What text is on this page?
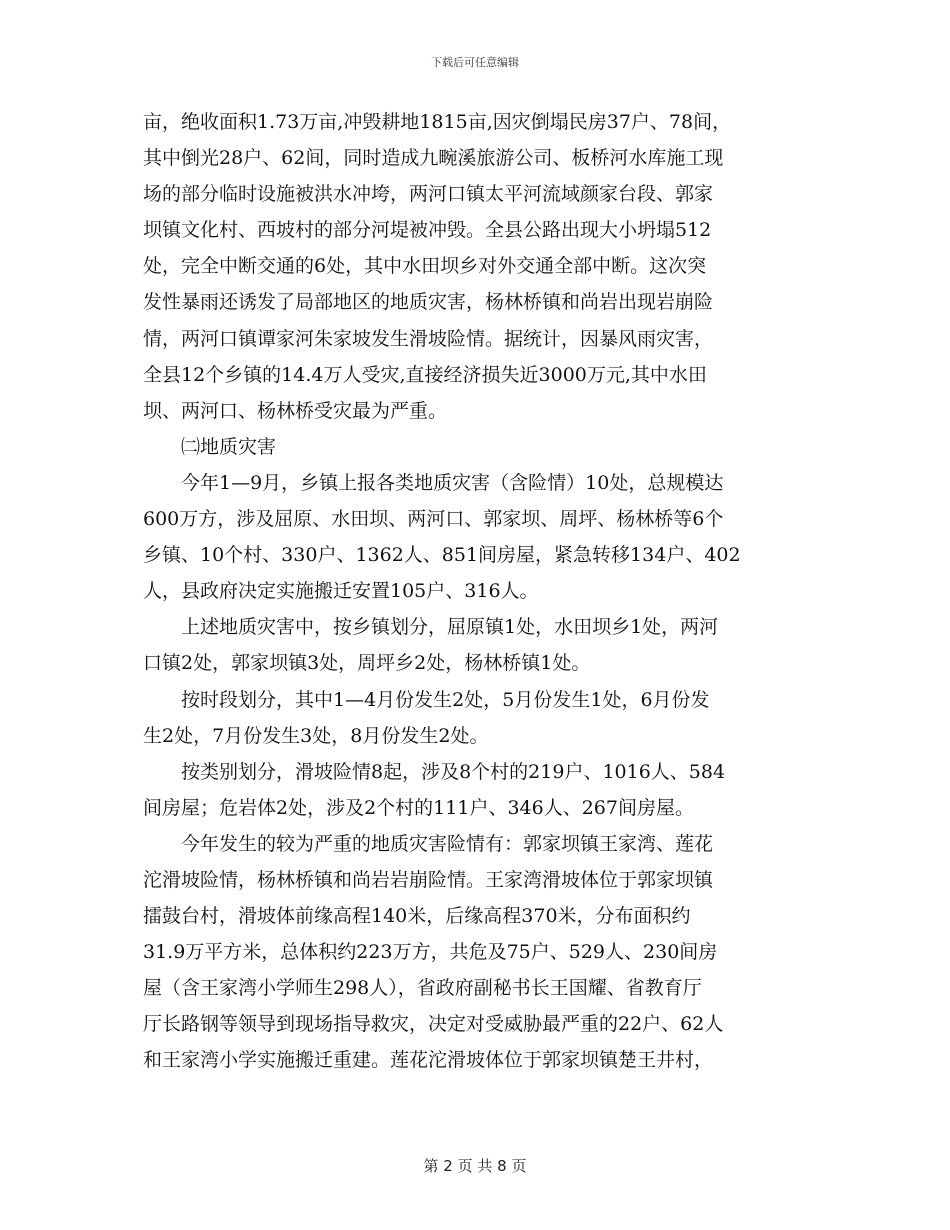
下载后可任意编辑
亩，绝收面积1.73万亩,冲毁耕地1815亩,因灾倒塌民房37户、78间，
其中倒光28户、62间，同时造成九畹溪旅游公司、板桥河水库施工现
场的部分临时设施被洪水冲垮，两河口镇太平河流域颜家台段、郭家
坝镇文化村、西坡村的部分河堤被冲毁。全县公路出现大小坍塌512
处，完全中断交通的6处，其中水田坝乡对外交通全部中断。这次突
发性暴雨还诱发了局部地区的地质灾害，杨林桥镇和尚岩出现岩崩险
情，两河口镇谭家河朱家坡发生滑坡险情。据统计，因暴风雨灾害，
全县12个乡镇的14.4万人受灾,直接经济损失近3000万元,其中水田
坝、两河口、杨林桥受灾最为严重。
　　㈡地质灾害
　　今年1—9月，乡镇上报各类地质灾害（含险情）10处，总规模达
600万方，涉及屈原、水田坝、两河口、郭家坝、周坪、杨林桥等6个
乡镇、10个村、330户、1362人、851间房屋，紧急转移134户、402
人，县政府决定实施搬迁安置105户、316人。
　　上述地质灾害中，按乡镇划分，屈原镇1处，水田坝乡1处，两河
口镇2处，郭家坝镇3处，周坪乡2处，杨林桥镇1处。
　　按时段划分，其中1—4月份发生2处，5月份发生1处，6月份发
生2处，7月份发生3处，8月份发生2处。
　　按类别划分，滑坡险情8起，涉及8个村的219户、1016人、584
间房屋；危岩体2处，涉及2个村的111户、346人、267间房屋。
　　今年发生的较为严重的地质灾害险情有：郭家坝镇王家湾、莲花
沱滑坡险情，杨林桥镇和尚岩岩崩险情。王家湾滑坡体位于郭家坝镇
擂鼓台村，滑坡体前缘高程140米，后缘高程370米，分布面积约
31.9万平方米，总体积约223万方，共危及75户、529人、230间房
屋（含王家湾小学师生298人），省政府副秘书长王国耀、省教育厅
厅长路钢等领导到现场指导救灾，决定对受威胁最严重的22户、62人
和王家湾小学实施搬迁重建。莲花沱滑坡体位于郭家坝镇楚王井村，
第 2 页 共 8 页
